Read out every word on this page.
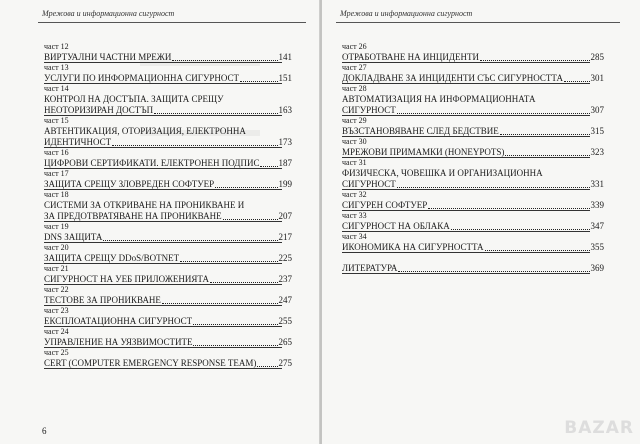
Мрежова и информационна сигурност
част 12
ВИРТУАЛНИ ЧАСТНИ МРЕЖИ	141
част 13
УСЛУГИ ПО ИНФОРМАЦИОННА СИГУРНОСТ	151
част 14
КОНТРОЛ НА ДОСТЪПА. ЗАЩИТА СРЕЩУ
НЕОТОРИЗИРАН ДОСТЪП	163
част 15
АВТЕНТИКАЦИЯ, ОТОРИЗАЦИЯ, ЕЛЕКТРОННА
ИДЕНТИЧНОСТ	173
част 16
ЦИФРОВИ СЕРТИФИКАТИ. ЕЛЕКТРОНЕН ПОДПИС 187
част 17
ЗАЩИТА СРЕЩУ ЗЛОВРЕДЕН СОФТУЕР	199
част 18
СИСТЕМИ ЗА ОТКРИВАНЕ НА ПРОНИКВАНЕ И
ЗА ПРЕДОТВРАТЯВАНЕ НА ПРОНИКВАНЕ	207
част 19
DNS ЗАЩИТА	217
част 20
ЗАЩИТА СРЕЩУ DDoS/BOTNET	225
част 21
СИГУРНОСТ НА УЕБ ПРИЛОЖЕНИЯТА	237
част 22
ТЕСТОВЕ ЗА ПРОНИКВАНЕ	247
част 23
ЕКСПЛОАТАЦИОННА СИГУРНОСТ	255
част 24
УПРАВЛЕНИЕ НА УЯЗВИМОСТИТЕ	265
част 25
CERT (COMPUTER EMERGENCY RESPONSE TEAM) 275
6
Мрежова и информационна сигурност
част 26
ОТРАБОТВАНЕ НА ИНЦИДЕНТИ	285
част 27
ДОКЛАДВАНЕ ЗА ИНЦИДЕНТИ СЪС СИГУРНОСТТА	301
част 28
АВТОМАТИЗАЦИЯ НА ИНФОРМАЦИОННАТА
СИГУРНОСТ	307
част 29
ВЪЗСТАНОВЯВАНЕ СЛЕД БЕДСТВИЕ	315
част 30
МРЕЖОВИ ПРИМАМКИ (HONEYPOTS)	323
част 31
ФИЗИЧЕСКА, ЧОВЕШКА И ОРГАНИЗАЦИОННА
СИГУРНОСТ	331
част 32
СИГУРЕН СОФТУЕР	339
част 33
СИГУРНОСТ НА ОБЛАКА	347
част 34
ИКОНОМИКА НА СИГУРНОСТТА	355
ЛИТЕРАТУРА	369
BAZAR
